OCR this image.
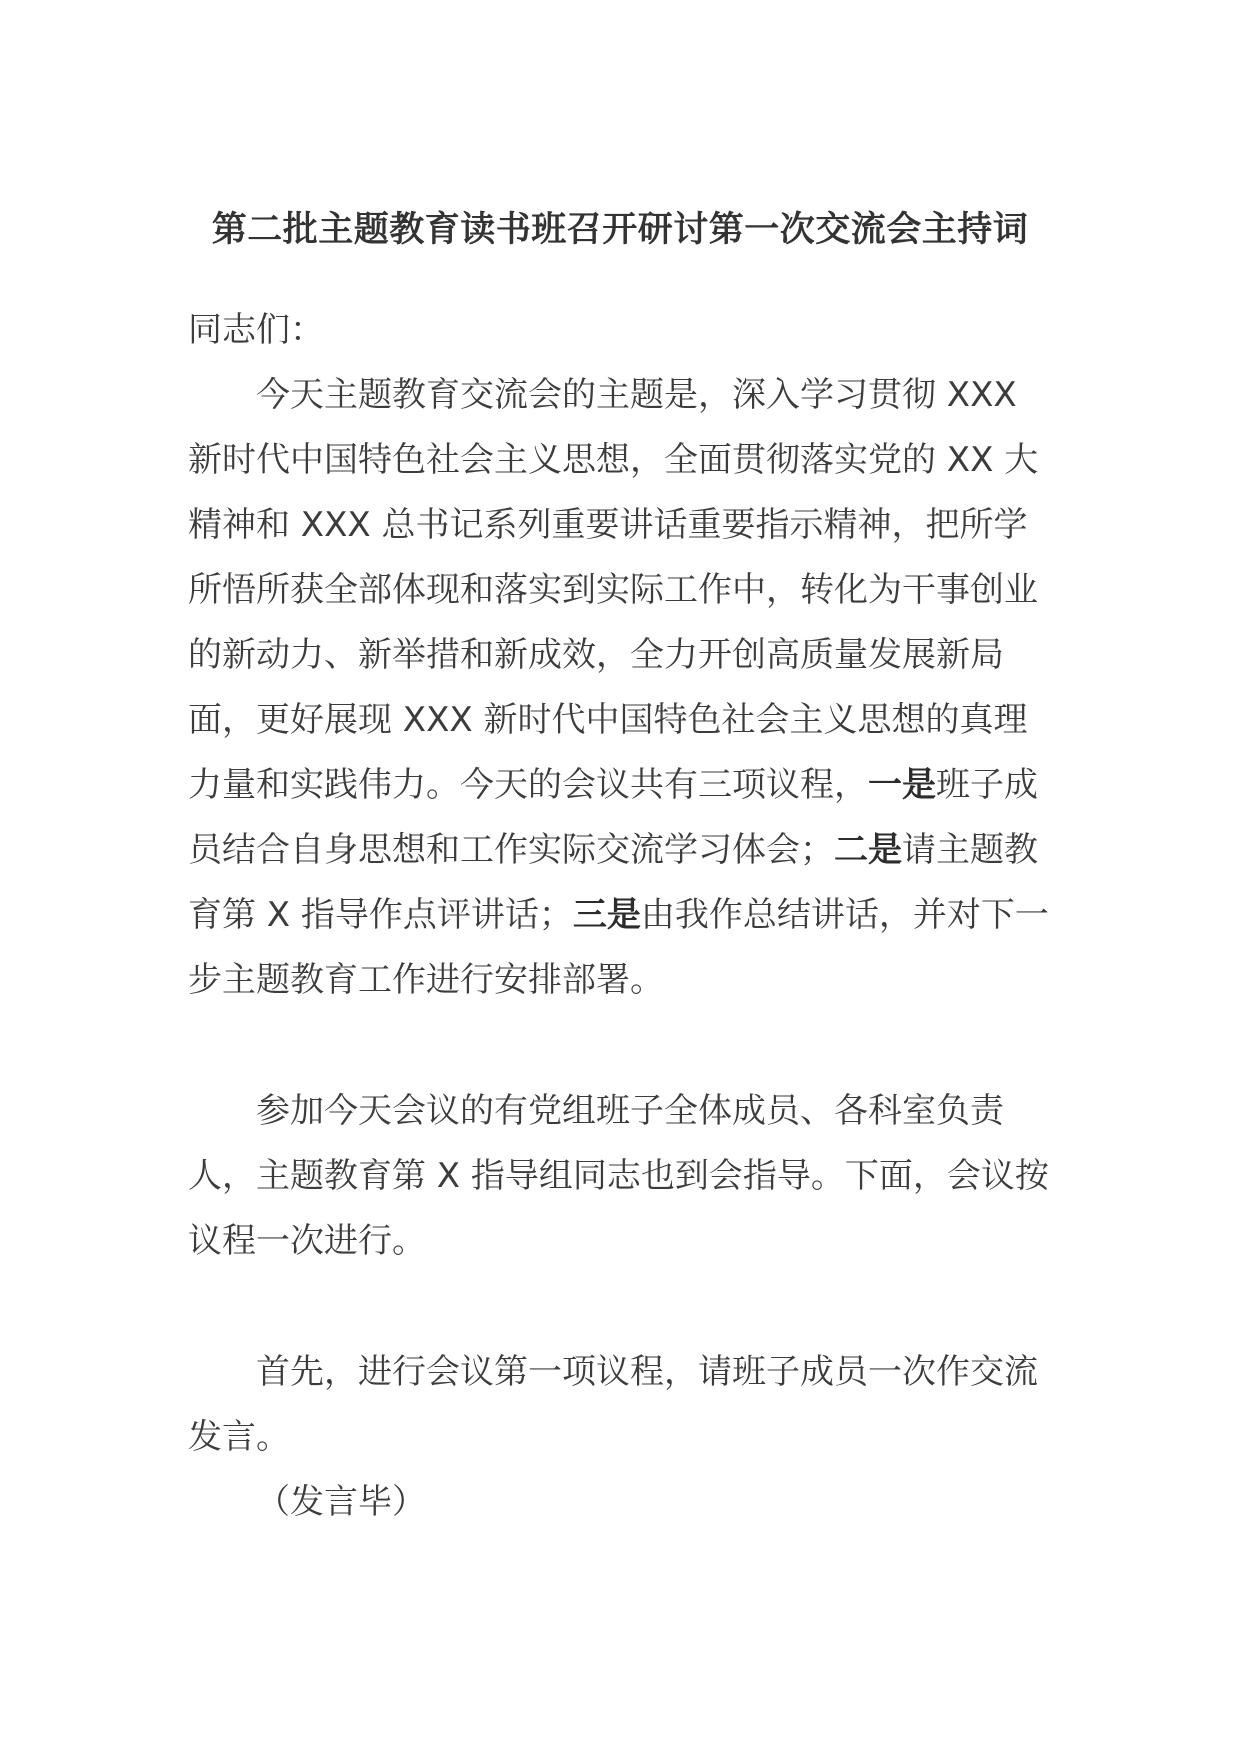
第二批主题教育读书班召开研讨第一次交流会主持词

同志们：

今天主题教育交流会的主题是，深入学习贯彻 XXX 新时代中国特色社会主义思想，全面贯彻落实党的 XX 大精神和 XXX 总书记系列重要讲话重要指示精神，把所学所悟所获全部体现和落实到实际工作中，转化为干事创业的新动力、新举措和新成效，全力开创高质量发展新局面，更好展现 XXX 新时代中国特色社会主义思想的真理力量和实践伟力。今天的会议共有三项议程，一是班子成员结合自身思想和工作实际交流学习体会；二是请主题教育第 X 指导作点评讲话；三是由我作总结讲话，并对下一步主题教育工作进行安排部署。

参加今天会议的有党组班子全体成员、各科室负责人，主题教育第 X 指导组同志也到会指导。下面，会议按议程一次进行。

首先，进行会议第一项议程，请班子成员一次作交流发言。

（发言毕）
